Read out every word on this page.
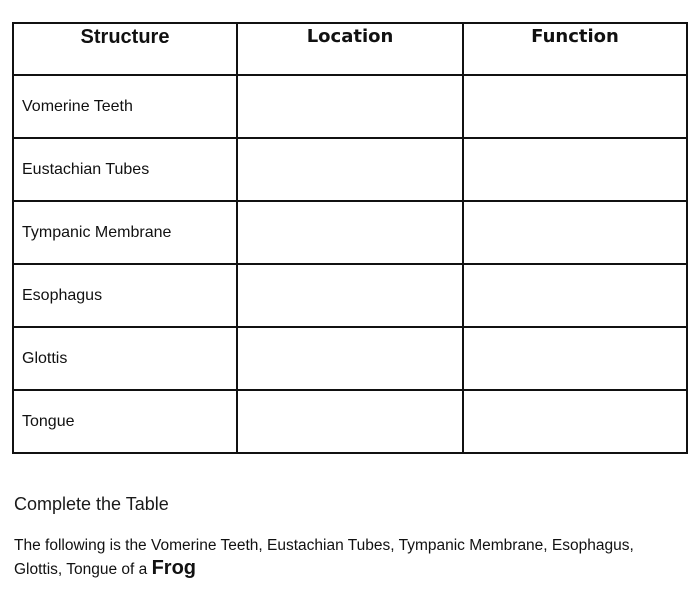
Structure	Location	Function
Vomerine Teeth		
Eustachian Tubes		
Tympanic Membrane		
Esophagus		
Glottis		
Tongue		
Complete the Table

The following is the Vomerine Teeth, Eustachian Tubes, Tympanic Membrane, Esophagus, Glottis, Tongue of a Frog
